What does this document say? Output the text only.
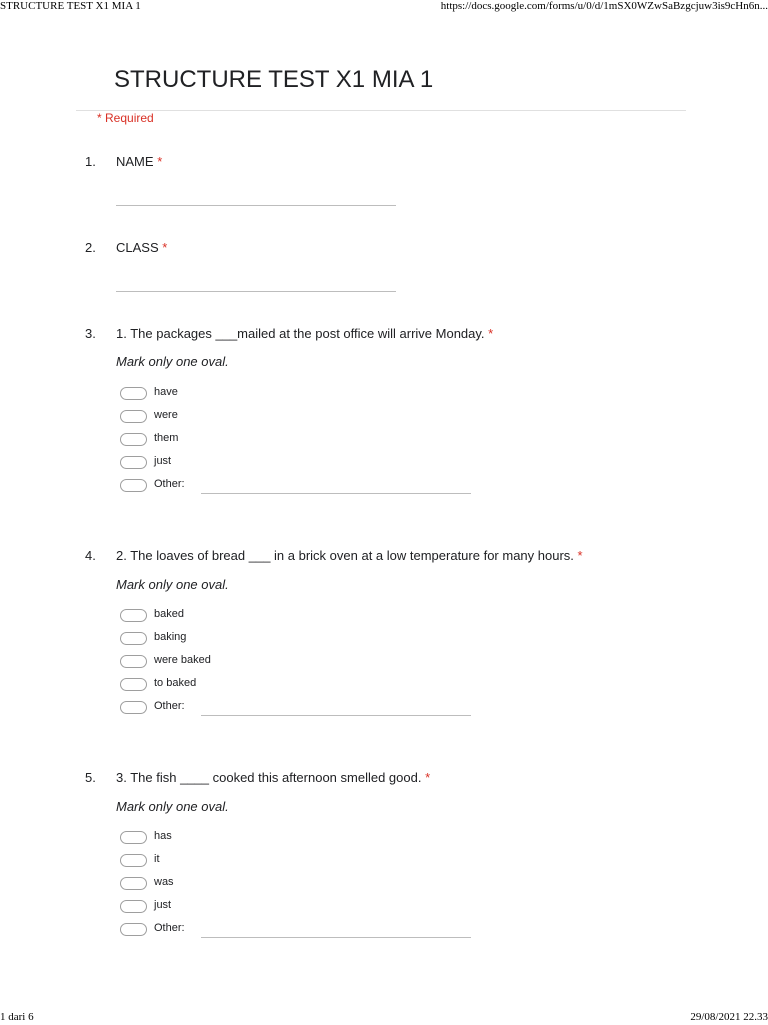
STRUCTURE TEST X1 MIA 1	https://docs.google.com/forms/u/0/d/1mSX0WZwSaBzgcjuw3is9cHn6n...
STRUCTURE TEST X1 MIA 1
* Required
1. NAME *
2. CLASS *
3. 1. The packages ___mailed at the post office will arrive Monday. *
Mark only one oval.
have
were
them
just
Other:
4. 2. The loaves of bread ___ in a brick oven at a low temperature for many hours. *
Mark only one oval.
baked
baking
were baked
to baked
Other:
5. 3. The fish ____ cooked this afternoon smelled good. *
Mark only one oval.
has
it
was
just
Other:
1 dari 6	29/08/2021 22.33
